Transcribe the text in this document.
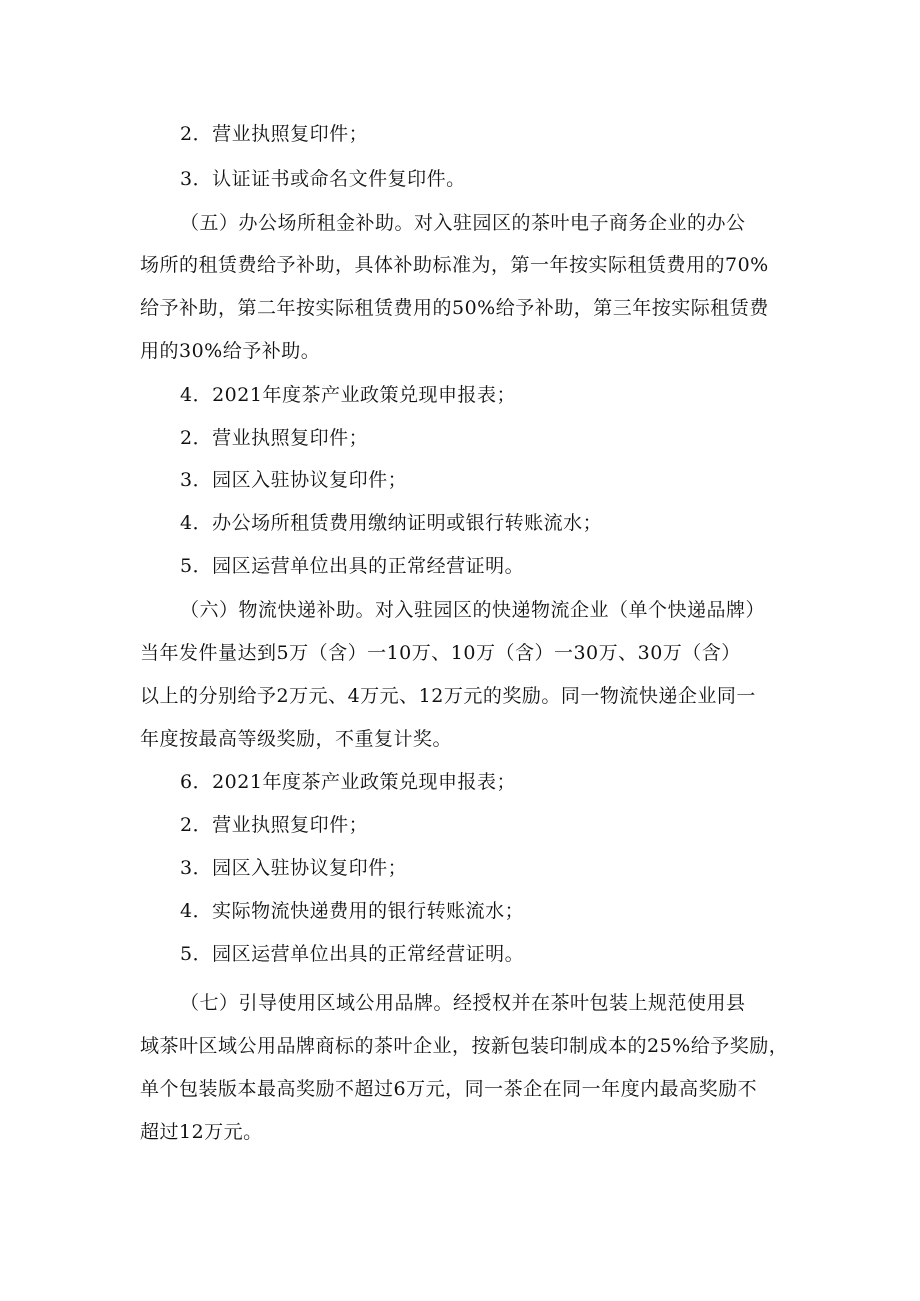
2．营业执照复印件；
3．认证证书或命名文件复印件。
（五）办公场所租金补助。对入驻园区的茶叶电子商务企业的办公
场所的租赁费给予补助，具体补助标准为，第一年按实际租赁费用的70%
给予补助，第二年按实际租赁费用的50%给予补助，第三年按实际租赁费
用的30%给予补助。
4．2021年度茶产业政策兑现申报表；
2．营业执照复印件；
3．园区入驻协议复印件；
4．办公场所租赁费用缴纳证明或银行转账流水；
5．园区运营单位出具的正常经营证明。
（六）物流快递补助。对入驻园区的快递物流企业（单个快递品牌）
当年发件量达到5万（含）一10万、10万（含）一30万、30万（含）
以上的分别给予2万元、4万元、12万元的奖励。同一物流快递企业同一
年度按最高等级奖励，不重复计奖。
6．2021年度茶产业政策兑现申报表；
2．营业执照复印件；
3．园区入驻协议复印件；
4．实际物流快递费用的银行转账流水；
5．园区运营单位出具的正常经营证明。
（七）引导使用区域公用品牌。经授权并在茶叶包装上规范使用县
域茶叶区域公用品牌商标的茶叶企业，按新包装印制成本的25%给予奖励，
单个包装版本最高奖励不超过6万元，同一茶企在同一年度内最高奖励不
超过12万元。
